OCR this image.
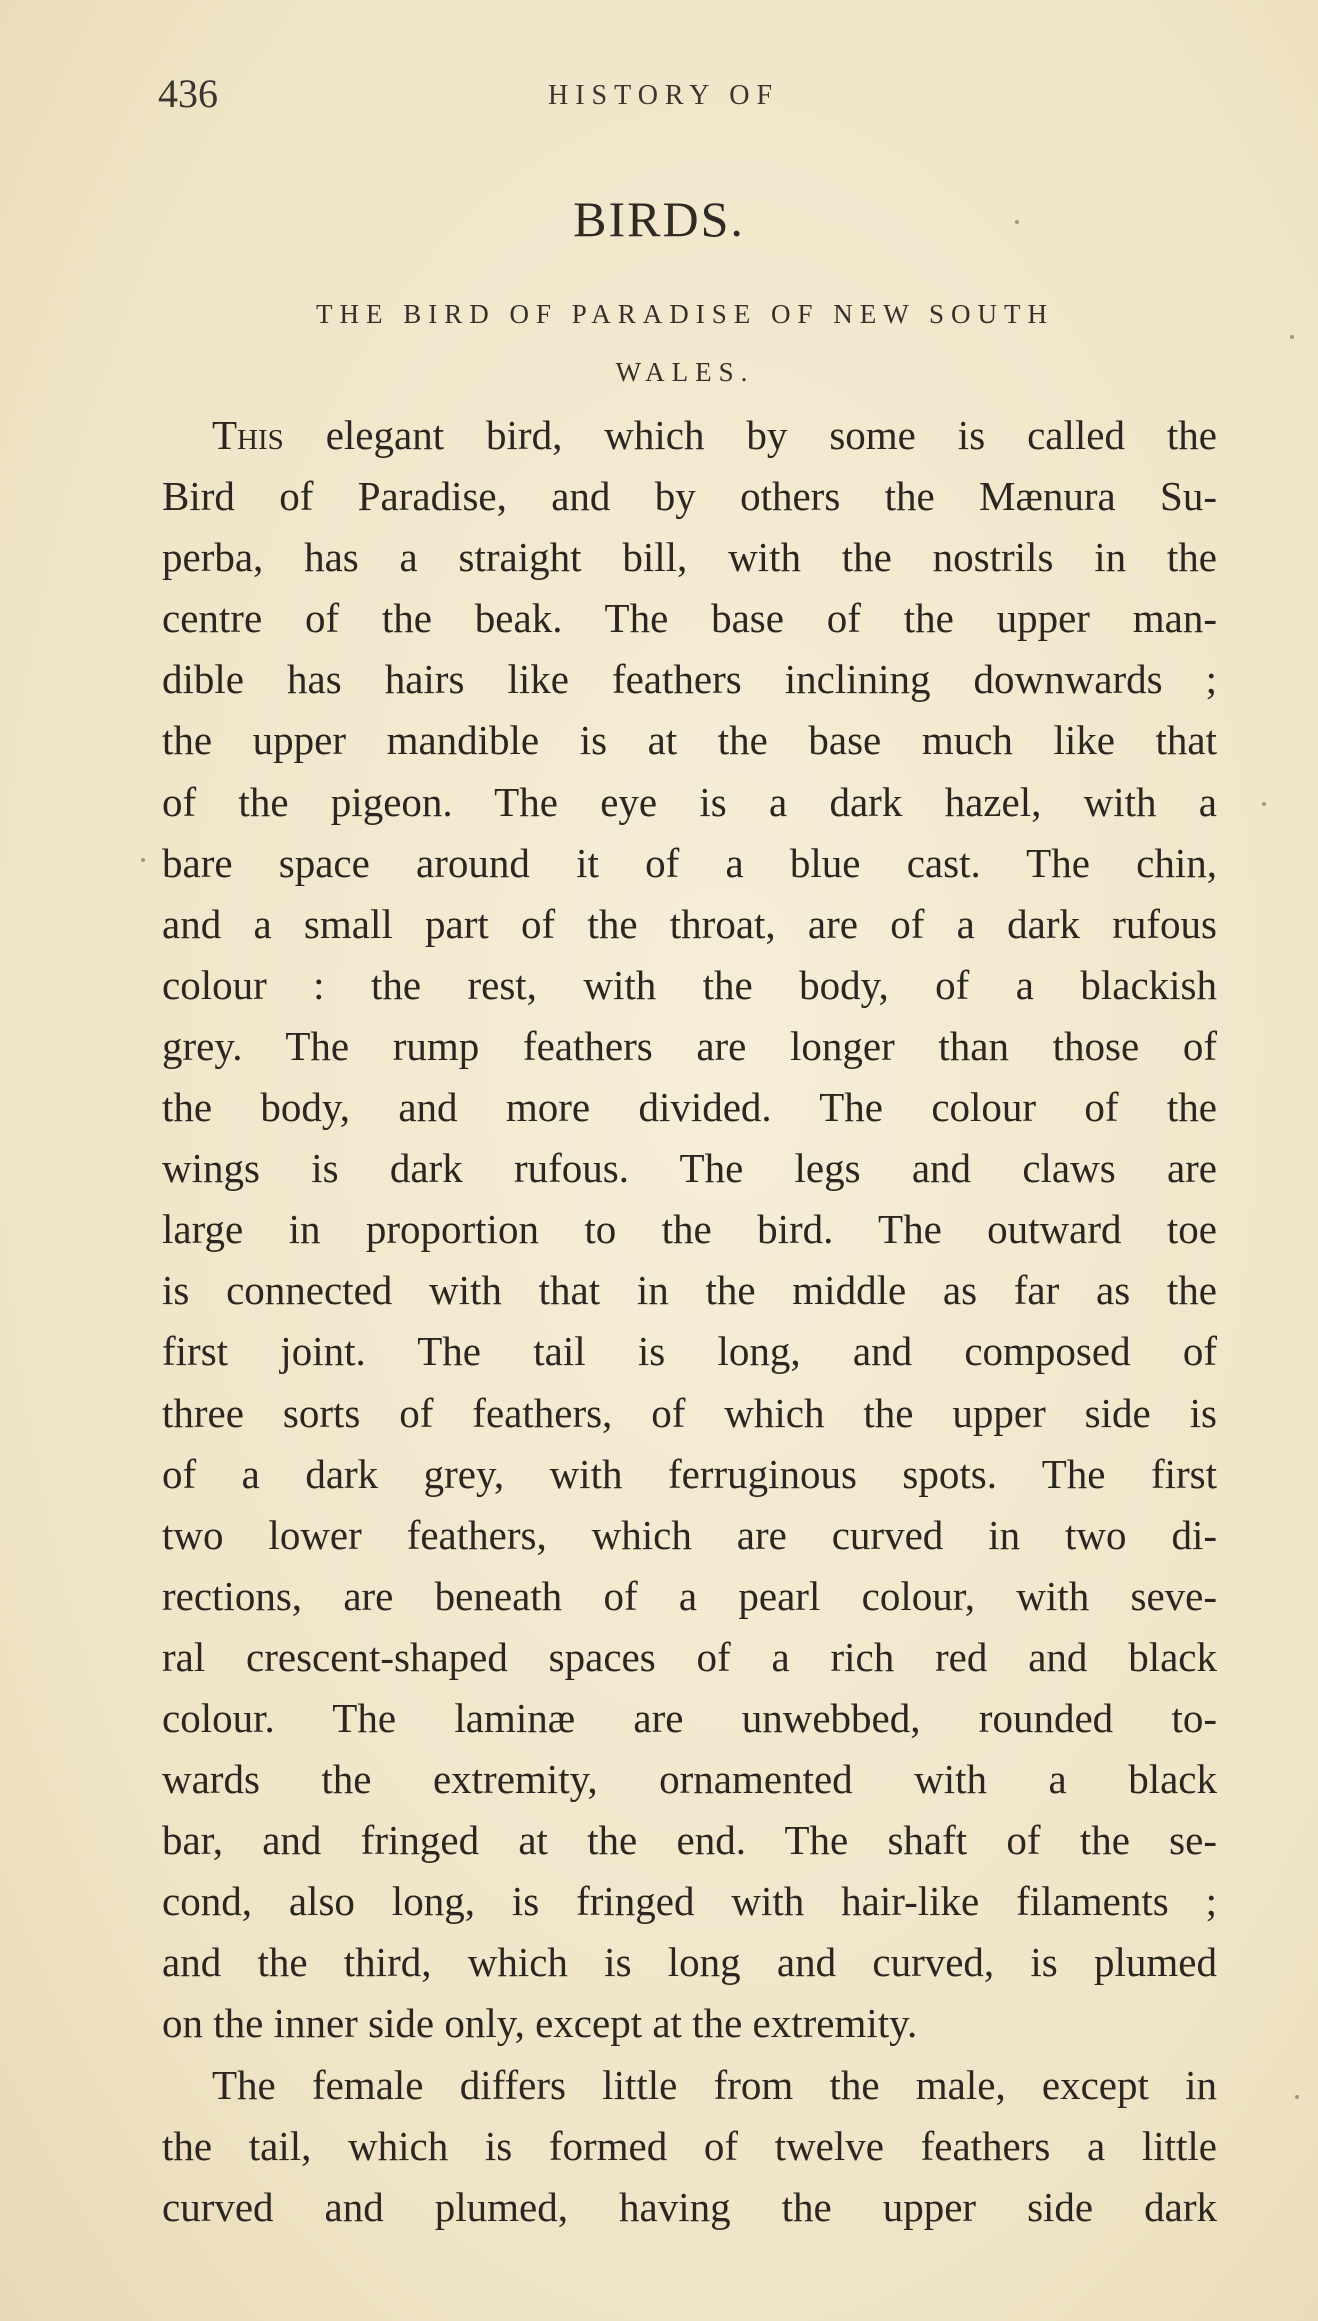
436	HISTORY OF
BIRDS.
THE BIRD OF PARADISE OF NEW SOUTH
WALES.
This elegant bird, which by some is called the
Bird of Paradise, and by others the Mænura Su-
perba, has a straight bill, with the nostrils in the
centre of the beak. The base of the upper man-
dible has hairs like feathers inclining downwards ;
the upper mandible is at the base much like that
of the pigeon. The eye is a dark hazel, with a
bare space around it of a blue cast. The chin,
and a small part of the throat, are of a dark rufous
colour : the rest, with the body, of a blackish
grey. The rump feathers are longer than those of
the body, and more divided. The colour of the
wings is dark rufous. The legs and claws are
large in proportion to the bird. The outward toe
is connected with that in the middle as far as the
first joint. The tail is long, and composed of
three sorts of feathers, of which the upper side is
of a dark grey, with ferruginous spots. The first
two lower feathers, which are curved in two di-
rections, are beneath of a pearl colour, with seve-
ral crescent-shaped spaces of a rich red and black
colour. The laminæ are unwebbed, rounded to-
wards the extremity, ornamented with a black
bar, and fringed at the end. The shaft of the se-
cond, also long, is fringed with hair-like filaments ;
and the third, which is long and curved, is plumed
on the inner side only, except at the extremity.
The female differs little from the male, except in
the tail, which is formed of twelve feathers a little
curved and plumed, having the upper side dark
